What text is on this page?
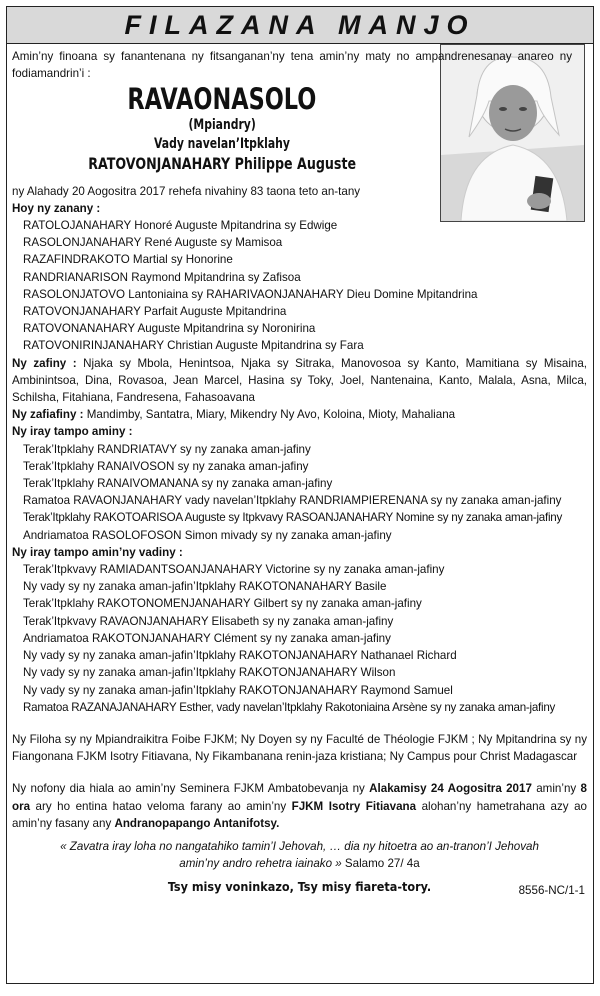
FILAZANA MANJO

Amin’ny finoana sy fanantenana ny fitsanganan’ny tena amin’ny maty no ampandrenesanay anareo ny fodiamandrin’i :

RAVAONASOLO
(Mpiandry)
Vady navelan’Itpklahy
RATOVONJANAHARY Philippe Auguste

ny Alahady 20 Aogositra 2017 rehefa nivahiny 83 taona teto an-tany

Hoy ny zanany :

RATOLOJANAHARY Honoré Auguste Mpitandrina sy Edwige

RASOLONJANAHARY René Auguste sy Mamisoa

RAZAFINDRAKOTO Martial sy Honorine

RANDRIANARISON Raymond Mpitandrina sy Zafisoa

RASOLONJATOVO Lantoniaina sy RAHARIVAONJANAHARY Dieu Domine Mpitandrina

RATOVONJANAHARY Parfait Auguste Mpitandrina

RATOVONANAHARY Auguste Mpitandrina sy Noronirina

RATOVONIRINJANAHARY Christian Auguste Mpitandrina sy Fara

Ny zafiny : Njaka sy Mbola, Henintsoa, Njaka sy Sitraka, Manovosoa sy Kanto, Mamitiana sy Misaina, Ambinintsoa, Dina, Rovasoa, Jean Marcel, Hasina sy Toky, Joel, Nantenaina, Kanto, Malala, Asna, Milca, Schilsha, Fitahiana, Fandresena, Fahasoavana

Ny zafiafiny : Mandimby, Santatra, Miary, Mikendry Ny Avo, Koloina, Mioty, Mahaliana

Ny iray tampo aminy :

Terak’Itpklahy RANDRIATAVY sy ny zanaka aman-jafiny

Terak’Itpklahy RANAIVOSON sy ny zanaka aman-jafiny

Terak’Itpklahy RANAIVOMANANA sy ny zanaka aman-jafiny

Ramatoa RAVAONJANAHARY vady navelan’Itpklahy RANDRIAMPIERENANA sy ny zanaka aman-jafiny

Terak’Itpklahy RAKOTOARISOA Auguste sy Itpkvavy RASOANJANAHARY Nomine sy ny zanaka aman-jafiny

Andriamatoa RASOLOFOSON Simon mivady sy ny zanaka aman-jafiny

Ny iray tampo amin’ny vadiny :

Terak’Itpkvavy RAMIADANTSOANJANAHARY Victorine sy ny zanaka aman-jafiny

Ny vady sy ny zanaka aman-jafin’Itpklahy RAKOTONANAHARY Basile

Terak’Itpklahy RAKOTONOMENJANAHARY Gilbert sy ny zanaka aman-jafiny

Terak’Itpkvavy RAVAONJANAHARY Elisabeth sy ny zanaka aman-jafiny

Andriamatoa RAKOTONJANAHARY Clément sy ny zanaka aman-jafiny

Ny vady sy ny zanaka aman-jafin’Itpklahy RAKOTONJANAHARY Nathanael Richard

Ny vady sy ny zanaka aman-jafin’Itpklahy RAKOTONJANAHARY Wilson

Ny vady sy ny zanaka aman-jafin’Itpklahy RAKOTONJANAHARY Raymond Samuel

Ramatoa RAZANAJANAHARY Esther, vady navelan’Itpklahy Rakotoniaina Arsène sy ny zanaka aman-jafiny

Ny Filoha sy ny Mpiandraikitra Foibe FJKM; Ny Doyen sy ny Faculté de Théologie FJKM ; Ny Mpitandrina sy ny Fiangonana FJKM Isotry Fitiavana, Ny Fikambanana renin-jaza kristiana; Ny Campus pour Christ Madagascar

Ny nofony dia hiala ao amin’ny Seminera FJKM Ambatobevanja ny Alakamisy 24 Aogositra 2017 amin’ny 8 ora ary ho entina hatao veloma farany ao amin’ny FJKM Isotry Fitiavana alohan’ny hametrahana azy ao amin’ny fasany any Andranopapango Antanifotsy.

« Zavatra iray loha no nangatahiko tamin’I Jehovah, … dia ny hitoetra ao an-tranon’I Jehovah

amin’ny andro rehetra iainako » Salamo 27/ 4a

Tsy misy voninkazo, Tsy misy fiareta-tory.	8556-NC/1-1
